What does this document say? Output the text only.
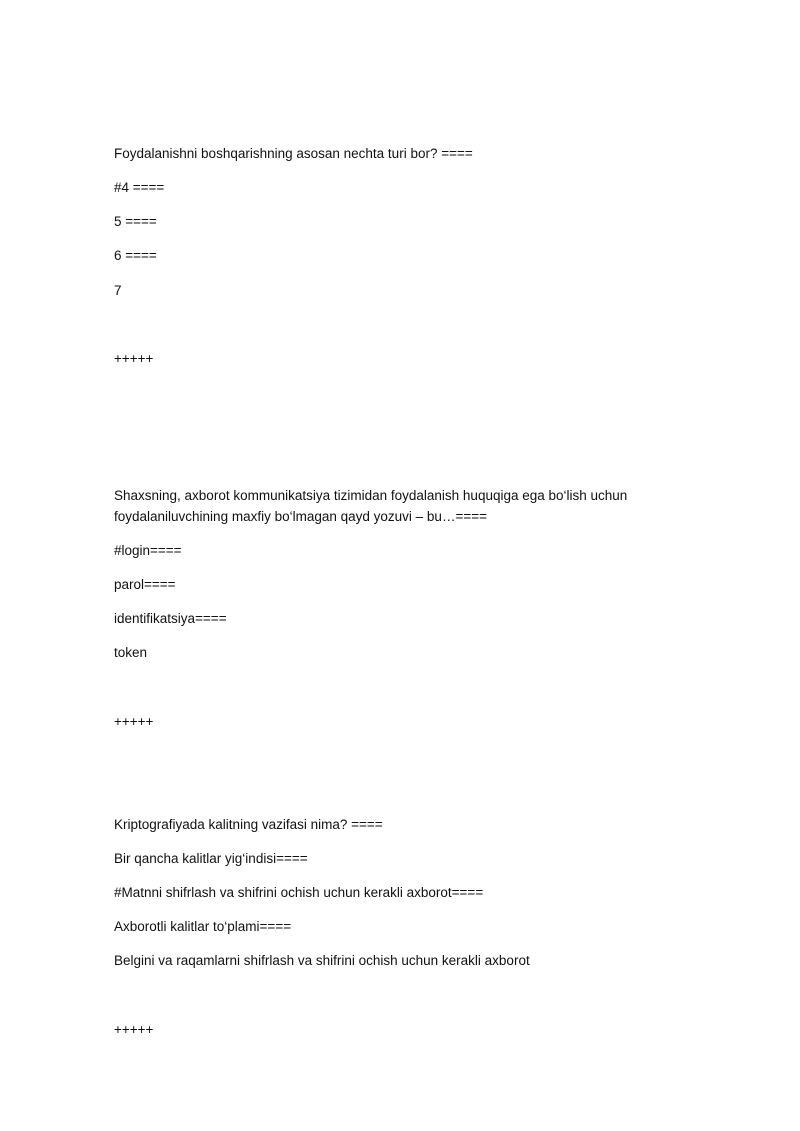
Foydalanishni boshqarishning asosan nechta turi bor? ====
#4 ====
5 ====
6 ====
7
+++++
Shaxsning, axborot kommunikatsiya tizimidan foydalanish huquqiga ega bo‘lish uchun
foydalaniluvchining maxfiy bo‘lmagan qayd yozuvi – bu…====
#login====
parol====
identifikatsiya====
token
+++++
Kriptografiyada kalitning vazifasi nima? ====
Bir qancha kalitlar yig‘indisi====
#Matnni shifrlash va shifrini ochish uchun kerakli axborot====
Axborotli kalitlar to‘plami====
Belgini va raqamlarni shifrlash va shifrini ochish uchun kerakli axborot
+++++
